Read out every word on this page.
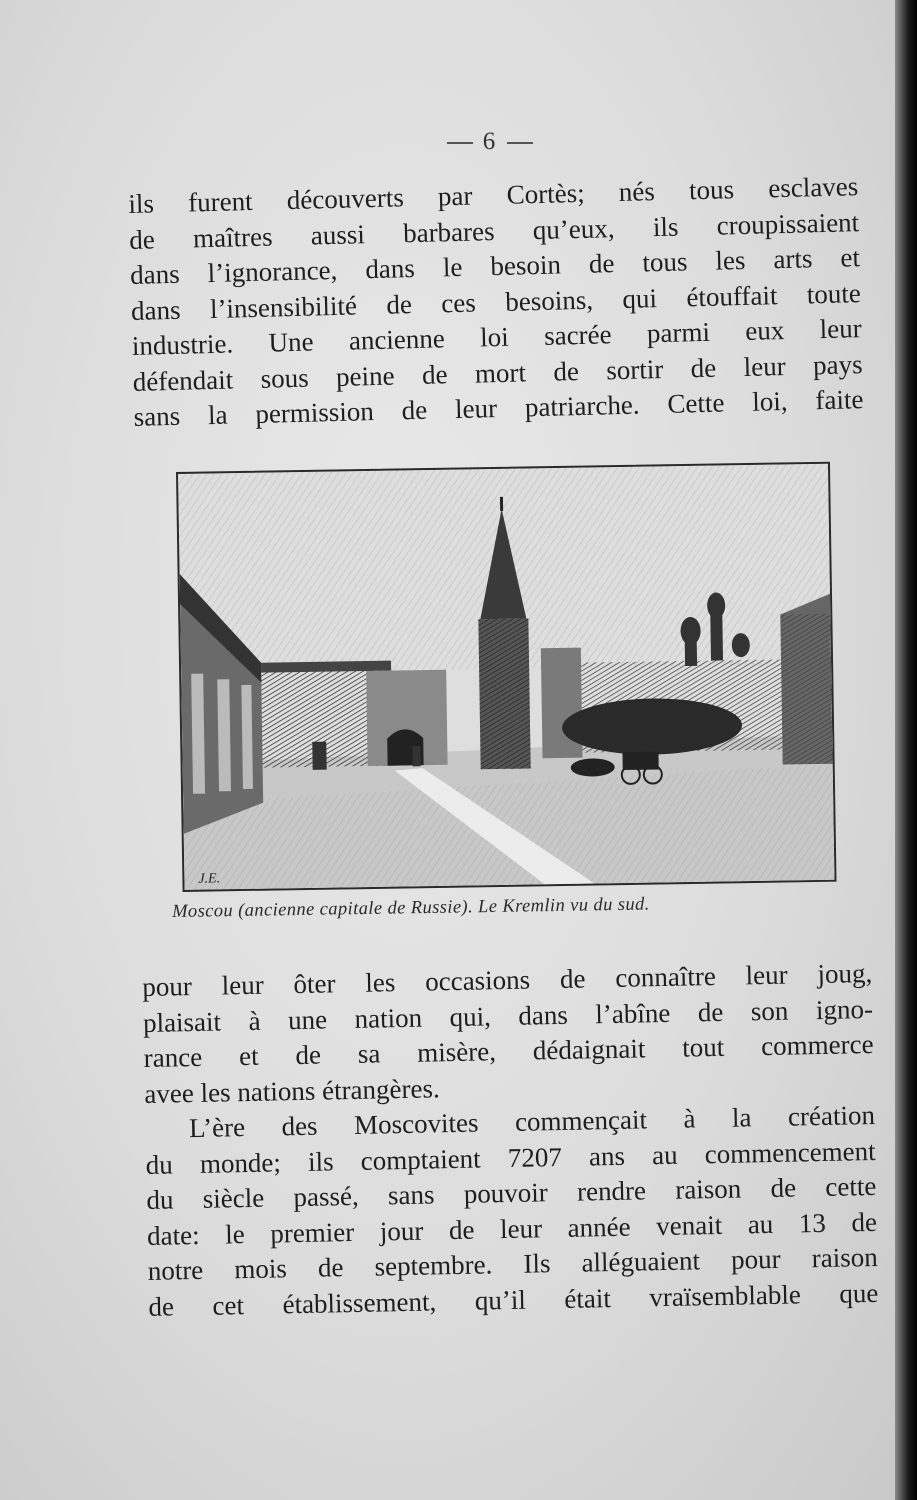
6
ils furent découverts par Cortès; nés tous esclaves
de maîtres aussi barbares qu’eux, ils croupissaient
dans l’ignorance, dans le besoin de tous les arts et
dans l’insensibilité de ces besoins, qui étouffait toute
industrie. Une ancienne loi sacrée parmi eux leur
défendait sous peine de mort de sortir de leur pays
sans la permission de leur patriarche. Cette loi, faite
J.E.
Moscou (ancienne capitale de Russie). Le Kremlin vu du sud.
pour leur ôter les occasions de connaître leur joug,
plaisait à une nation qui, dans l’abîne de son igno-
rance et de sa misère, dédaignait tout commerce
avee les nations étrangères.
L’ère des Moscovites commençait à la création
du monde; ils comptaient 7207 ans au commencement
du siècle passé, sans pouvoir rendre raison de cette
date: le premier jour de leur année venait au 13 de
notre mois de septembre. Ils alléguaient pour raison
de cet établissement, qu’il était vraïsemblable que
